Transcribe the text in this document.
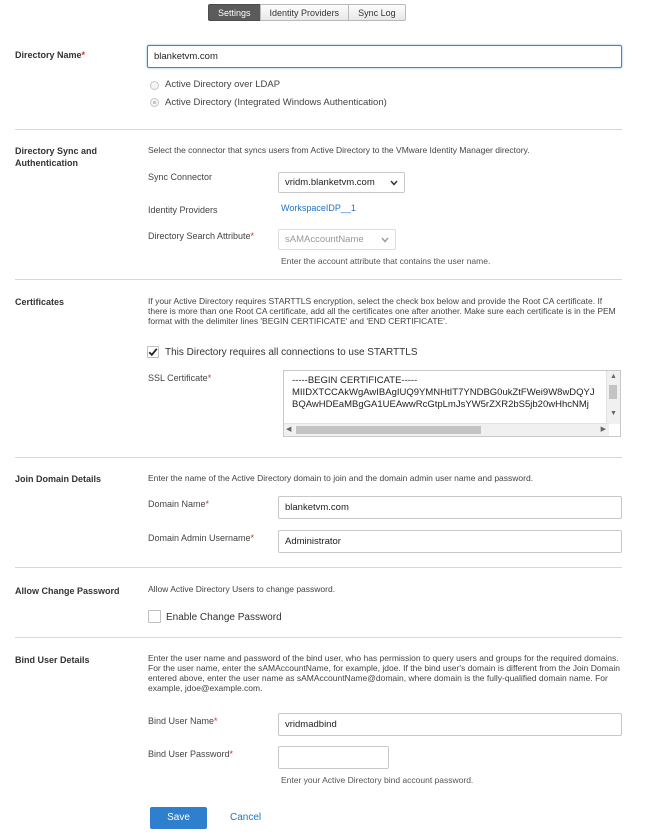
Settings	Identity Providers	Sync Log
Directory Name*	blanketvm.com
Active Directory over LDAP
Active Directory (Integrated Windows Authentication)
Directory Sync and
Authentication
Select the connector that syncs users from Active Directory to the VMware Identity Manager directory.
Sync Connector	vridm.blanketvm.com
Identity Providers	WorkspaceIDP__1
Directory Search Attribute*	sAMAccountName
Enter the account attribute that contains the user name.
Certificates	If your Active Directory requires STARTTLS encryption, select the check box below and provide the Root CA certificate. If there is more than one Root CA certificate, add all the certificates one after another. Make sure each certificate is in the PEM format with the delimiter lines 'BEGIN CERTIFICATE' and 'END CERTIFICATE'.
This Directory requires all connections to use STARTTLS
SSL Certificate*	-----BEGIN CERTIFICATE-----
MIIDXTCCAkWgAwIBAgIUQ9YMNHtIT7YNDBG0ukZtFWei9W8wDQYJ
BQAwHDEaMBgGA1UEAwwRcGtpLmJsYW5rZXR2bS5jb20wHhcNMj
▲
▼
◀	▶
Join Domain Details	Enter the name of the Active Directory domain to join and the domain admin user name and password.
Domain Name*	blanketvm.com
Domain Admin Username*	Administrator
Allow Change Password	Allow Active Directory Users to change password.
Enable Change Password
Bind User Details	Enter the user name and password of the bind user, who has permission to query users and groups for the required domains. For the user name, enter the sAMAccountName, for example, jdoe. If the bind user's domain is different from the Join Domain entered above, enter the user name as sAMAccountName@domain, where domain is the fully-qualified domain name. For example, jdoe@example.com.
Bind User Name*	vridmadbind
Bind User Password*
Enter your Active Directory bind account password.
Save	Cancel
